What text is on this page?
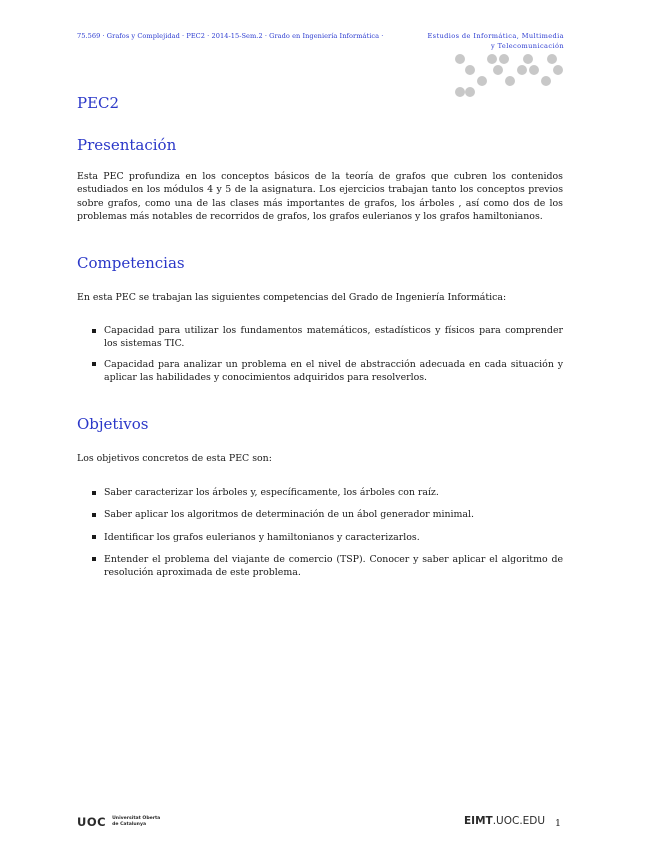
75.569 · Grafos y Complejidad · PEC2 · 2014-15-Sem.2 · Grado en Ingeniería Informática ·	Estudios de Informática, Multimedia
y Telecomunicación
PEC2
Presentación

Esta PEC profundiza en los conceptos básicos de la teoría de grafos que cubren los contenidos estudiados en los módulos 4 y 5 de la asignatura. Los ejercicios trabajan tanto los conceptos previos sobre grafos, como una de las clases más importantes de grafos, los árboles , así como dos de los problemas más notables de recorridos de grafos, los grafos eulerianos y los grafos hamiltonianos.

Competencias

En esta PEC se trabajan las siguientes competencias del Grado de Ingeniería Informática:

Capacidad para utilizar los fundamentos matemáticos, estadísticos y físicos para comprender los sistemas TIC.
Capacidad para analizar un problema en el nivel de abstracción adecuada en cada situación y aplicar las habilidades y conocimientos adquiridos para resolverlos.
Objetivos

Los objetivos concretos de esta PEC son:

Saber caracterizar los árboles y, específicamente, los árboles con raíz.
Saber aplicar los algoritmos de determinación de un ábol generador minimal.
Identificar los grafos eulerianos y hamiltonianos y caracterizarlos.
Entender el problema del viajante de comercio (TSP). Conocer y saber aplicar el algoritmo de resolución aproximada de este problema.
UOC Universitat Oberta
de Catalunya	EIMT.UOC.EDU 1
